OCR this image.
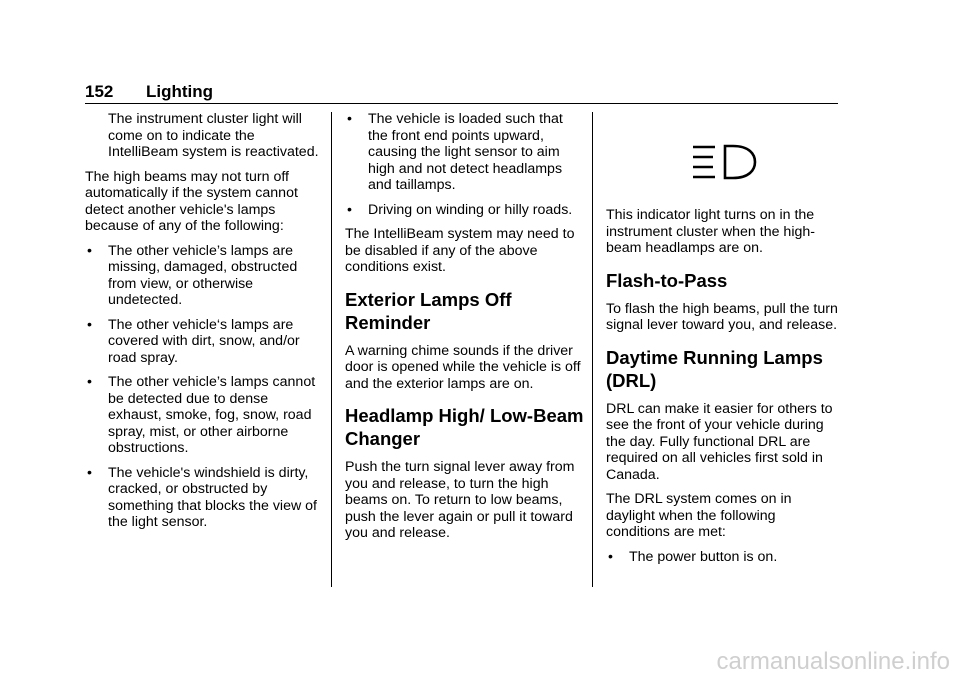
152 Lighting

The instrument cluster light will come on to indicate the IntelliBeam system is reactivated.

The high beams may not turn off automatically if the system cannot detect another vehicle's lamps because of any of the following:

• The other vehicle’s lamps are missing, damaged, obstructed from view, or otherwise undetected.
• The other vehicle‘s lamps are covered with dirt, snow, and/or road spray.
• The other vehicle’s lamps cannot be detected due to dense exhaust, smoke, fog, snow, road spray, mist, or other airborne obstructions.
• The vehicle's windshield is dirty, cracked, or obstructed by something that blocks the view of the light sensor.
• The vehicle is loaded such that the front end points upward, causing the light sensor to aim high and not detect headlamps and taillamps.
• Driving on winding or hilly roads.

The IntelliBeam system may need to be disabled if any of the above conditions exist.

Exterior Lamps Off Reminder

A warning chime sounds if the driver door is opened while the vehicle is off and the exterior lamps are on.

Headlamp High/ Low-Beam Changer

Push the turn signal lever away from you and release, to turn the high beams on. To return to low beams, push the lever again or pull it toward you and release.

This indicator light turns on in the instrument cluster when the high-beam headlamps are on.

Flash-to-Pass

To flash the high beams, pull the turn signal lever toward you, and release.

Daytime Running Lamps (DRL)

DRL can make it easier for others to see the front of your vehicle during the day. Fully functional DRL are required on all vehicles first sold in Canada.

The DRL system comes on in daylight when the following conditions are met:

• The power button is on.
carmanualsonline.info
